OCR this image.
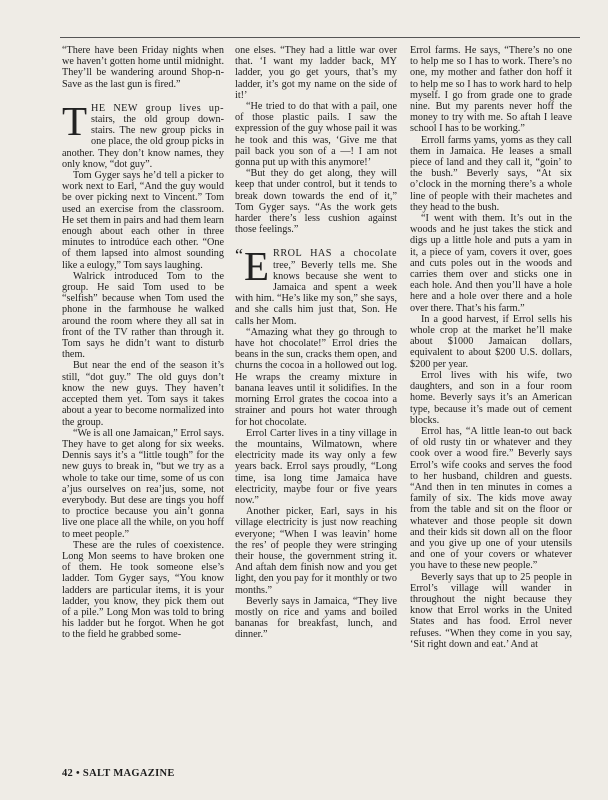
“There have been Friday nights when we haven’t gotten home until midnight. They’ll be wandering around Shop-n-Save as the last gun is fired.”

THE NEW group lives up- stairs, the old group down-stairs. The new group picks in one place, the old group picks in another. They don’t know names, they only know, “dot guy”.

Tom Gyger says he’d tell a picker to work next to Earl, “And the guy would be over picking next to Vincent.” Tom used an exercise from the classroom. He set them in pairs and had them learn enough about each other in three minutes to introdúce each other. “One of them lapsed into almost sounding like a eulogy,” Tom says laughing.

Walrick introduced Tom to the group. He said Tom used to be “selfish” because when Tom used the phone in the farmhouse he walked around the room where they all sat in front of the TV rather than through it. Tom says he didn’t want to disturb them.

But near the end of the season it’s still, “dot guy.” The old guys don’t know the new guys. They haven’t accepted them yet. Tom says it takes about a year to become normalized into the group.

“We is all one Jamaican,” Errol says. They have to get along for six weeks. Dennis says it’s a “little tough” for the new guys to break in, “but we try as a whole to take our time, some of us con a’jus ourselves on rea’jus, some, not everybody. But dese are tings you hoff to proctice because you ain’t gonna live one place all the while, on you hoff to meet people.”

These are the rules of coexistence. Long Mon seems to have broken one of them. He took someone else’s ladder. Tom Gyger says, “You know ladders are particular items, it is your ladder, you know, they pick them out of a pile.” Long Mon was told to bring his ladder but he forgot. When he got to the field he grabbed some-

one elses. “They had a little war over that. ‘I want my ladder back, MY ladder, you go get yours, that’s my ladder, it’s got my name on the side of it!’

“He tried to do that with a pail, one of those plastic pails. I saw the expression of the guy whose pail it was he took and this was, ‘Give me that pail back you son of a —! I am not gonna put up with this anymore!’

“But they do get along, they will keep that under control, but it tends to break down towards the end of it,” Tom Gyger says. “As the work gets harder there’s less cushion against those feelings.”

“ E RROL HAS a chocolate tree,” Beverly tells me. She knows because she went to Jamaica and spent a week with him. “He’s like my son,” she says, and she calls him just that, Son. He calls her Mom.

“Amazing what they go through to have hot chocolate!” Errol dries the beans in the sun, cracks them open, and churns the cocoa in a hollowed out log. He wraps the creamy mixture in banana leaves until it solidifies. In the morning Errol grates the cocoa into a strainer and pours hot water through for hot chocolate.

Errol Carter lives in a tiny village in the mountains, Wilmatown, where electricity made its way only a few years back. Errol says proudly, “Long time, isa long time Jamaica have electricity, maybe four or five years now.”

Another picker, Earl, says in his village electricity is just now reaching everyone; “When I was leavin’ home the res’ of people they were stringing their house, the government string it. And aftah dem finish now and you get light, den you pay for it monthly or two months.”

Beverly says in Jamaica, “They live mostly on rice and yams and boiled bananas for breakfast, lunch, and dinner.”

Errol farms. He says, “There’s no one to help me so I has to work. There’s no one, my mother and father don hoff it to help me so I has to work hard to help myself. I go from grade one to grade nine. But my parents never hoff the money to try with me. So aftah I leave school I has to be working.”

Erroll farms yams, yoms as they call them in Jamaica. He leases a small piece of land and they call it, “goin’ to the bush.” Beverly says, “At six o’clock in the morning there’s a whole line of people with their machetes and they head to the bush.

“I went with them. It’s out in the woods and he just takes the stick and digs up a little hole and puts a yam in it, a piece of yam, covers it over, goes and cuts poles out in the woods and carries them over and sticks one in each hole. And then you’ll have a hole here and a hole over there and a hole over there. That’s his farm.”

In a good harvest, if Errol sells his whole crop at the market he’ll make about $1000 Jamaican dollars, equivalent to about $200 U.S. dollars, $200 per year.

Errol lives with his wife, two daughters, and son in a four room home. Beverly says it’s an American type, because it’s made out of cement blocks.

Errol has, “A little lean-to out back of old rusty tin or whatever and they cook over a wood fire.” Beverly says Errol’s wife cooks and serves the food to her husband, children and guests. “And then in ten minutes in comes a family of six. The kids move away from the table and sit on the floor or whatever and those people sit down and their kids sit down all on the floor and you give up one of your utensils and one of your covers or whatever you have to these new people.”

Beverly says that up to 25 people in Errol’s village will wander in throughout the night because they know that Errol works in the United States and has food. Errol never refuses. “When they come in you say, ‘Sit right down and eat.’ And at

42 • SALT MAGAZINE
